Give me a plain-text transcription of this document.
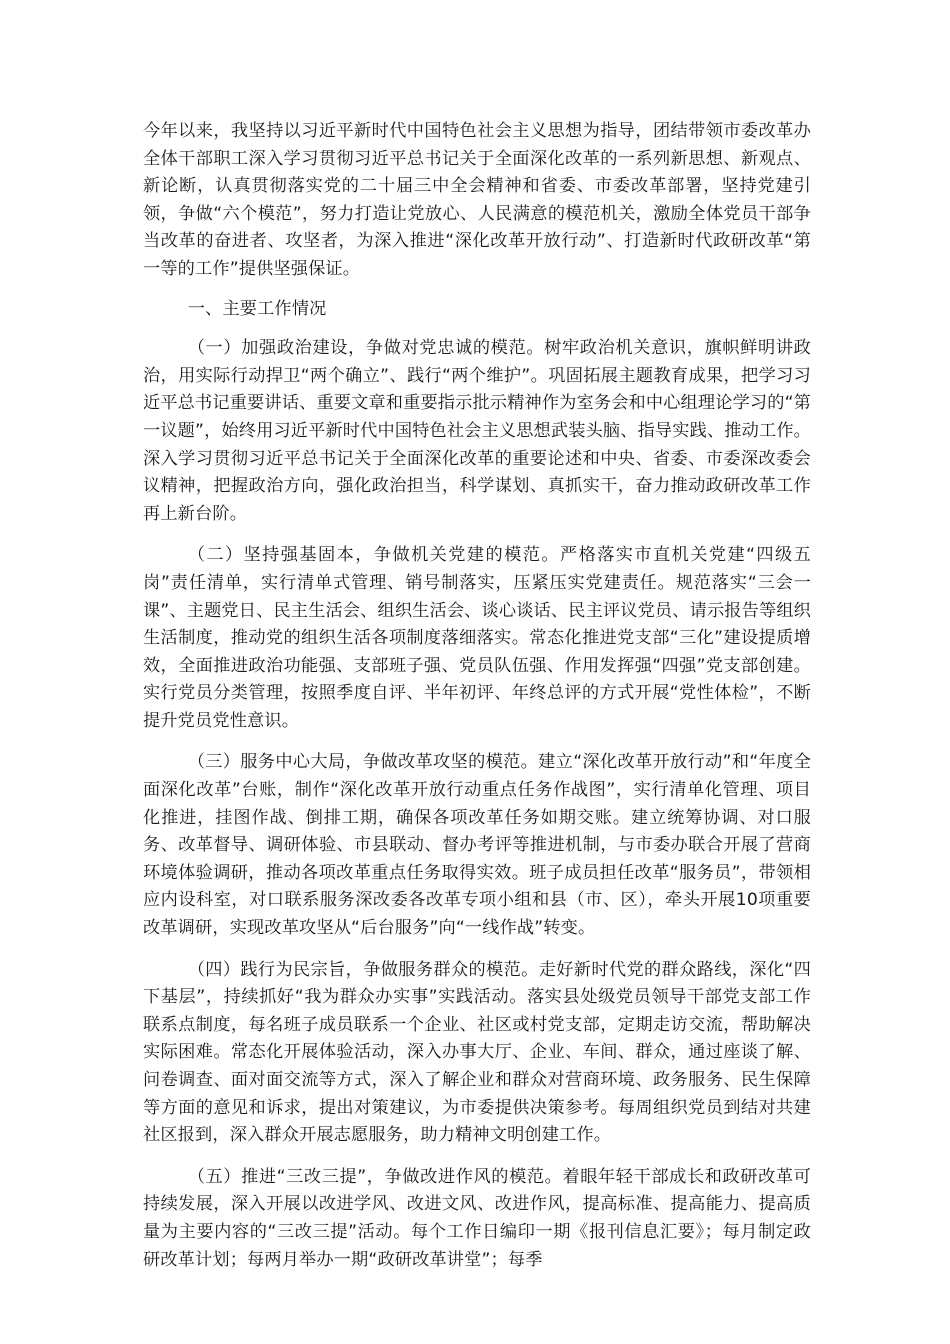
今年以来，我坚持以习近平新时代中国特色社会主义思想为指导，团结带领市委改革办全体干部职工深入学习贯彻习近平总书记关于全面深化改革的一系列新思想、新观点、新论断，认真贯彻落实党的二十届三中全会精神和省委、市委改革部署，坚持党建引领，争做“六个模范”，努力打造让党放心、人民满意的模范机关，激励全体党员干部争当改革的奋进者、攻坚者，为深入推进“深化改革开放行动”、打造新时代政研改革“第一等的工作”提供坚强保证。

一、主要工作情况

（一）加强政治建设，争做对党忠诚的模范。树牢政治机关意识，旗帜鲜明讲政治，用实际行动捍卫“两个确立”、践行“两个维护”。巩固拓展主题教育成果，把学习习近平总书记重要讲话、重要文章和重要指示批示精神作为室务会和中心组理论学习的“第一议题”，始终用习近平新时代中国特色社会主义思想武装头脑、指导实践、推动工作。深入学习贯彻习近平总书记关于全面深化改革的重要论述和中央、省委、市委深改委会议精神，把握政治方向，强化政治担当，科学谋划、真抓实干，奋力推动政研改革工作再上新台阶。

（二）坚持强基固本，争做机关党建的模范。严格落实市直机关党建“四级五岗”责任清单，实行清单式管理、销号制落实，压紧压实党建责任。规范落实“三会一课”、主题党日、民主生活会、组织生活会、谈心谈话、民主评议党员、请示报告等组织生活制度，推动党的组织生活各项制度落细落实。常态化推进党支部“三化”建设提质增效，全面推进政治功能强、支部班子强、党员队伍强、作用发挥强“四强”党支部创建。实行党员分类管理，按照季度自评、半年初评、年终总评的方式开展“党性体检”，不断提升党员党性意识。

（三）服务中心大局，争做改革攻坚的模范。建立“深化改革开放行动”和“年度全面深化改革”台账，制作“深化改革开放行动重点任务作战图”，实行清单化管理、项目化推进，挂图作战、倒排工期，确保各项改革任务如期交账。建立统筹协调、对口服务、改革督导、调研体验、市县联动、督办考评等推进机制，与市委办联合开展了营商环境体验调研，推动各项改革重点任务取得实效。班子成员担任改革“服务员”，带领相应内设科室，对口联系服务深改委各改革专项小组和县（市、区），牵头开展10项重要改革调研，实现改革攻坚从“后台服务”向“一线作战”转变。

（四）践行为民宗旨，争做服务群众的模范。走好新时代党的群众路线，深化“四下基层”，持续抓好“我为群众办实事”实践活动。落实县处级党员领导干部党支部工作联系点制度，每名班子成员联系一个企业、社区或村党支部，定期走访交流，帮助解决实际困难。常态化开展体验活动，深入办事大厅、企业、车间、群众，通过座谈了解、问卷调查、面对面交流等方式，深入了解企业和群众对营商环境、政务服务、民生保障等方面的意见和诉求，提出对策建议，为市委提供决策参考。每周组织党员到结对共建社区报到，深入群众开展志愿服务，助力精神文明创建工作。

（五）推进“三改三提”，争做改进作风的模范。着眼年轻干部成长和政研改革可持续发展，深入开展以改进学风、改进文风、改进作风，提高标准、提高能力、提高质量为主要内容的“三改三提”活动。每个工作日编印一期《报刊信息汇要》；每月制定政研改革计划；每两月举办一期“政研改革讲堂”；每季
